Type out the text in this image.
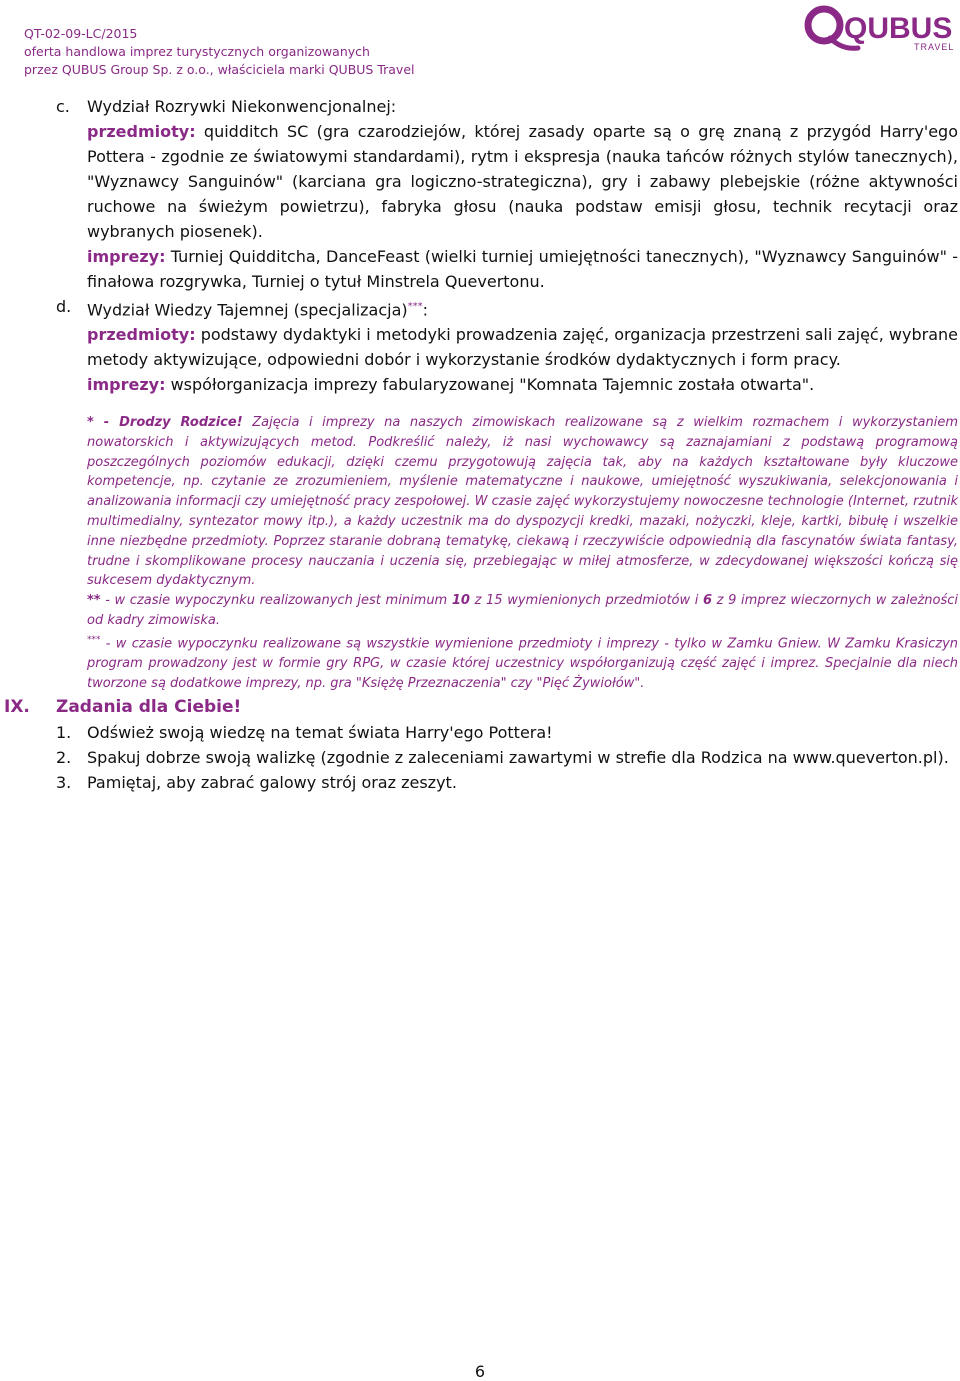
QT-02-09-LC/2015
oferta handlowa imprez turystycznych organizowanych
przez QUBUS Group Sp. z o.o., właściciela marki QUBUS Travel
QUBUS
TRAVEL
c. Wydział Rozrywki Niekonwencjonalnej:
przedmioty: quidditch SC (gra czarodziejów, której zasady oparte są o grę znaną z przygód Harry'ego Pottera - zgodnie ze światowymi standardami), rytm i ekspresja (nauka tańców różnych stylów tanecznych), "Wyznawcy Sanguinów" (karciana gra logiczno-strategiczna), gry i zabawy plebejskie (różne aktywności ruchowe na świeżym powietrzu), fabryka głosu (nauka podstaw emisji głosu, technik recytacji oraz wybranych piosenek).
imprezy: Turniej Quidditcha, DanceFeast (wielki turniej umiejętności tanecznych), "Wyznawcy Sanguinów" - finałowa rozgrywka, Turniej o tytuł Minstrela Quevertonu.
d. Wydział Wiedzy Tajemnej (specjalizacja)***:
przedmioty: podstawy dydaktyki i metodyki prowadzenia zajęć, organizacja przestrzeni sali zajęć, wybrane metody aktywizujące, odpowiedni dobór i wykorzystanie środków dydaktycznych i form pracy.
imprezy: współorganizacja imprezy fabularyzowanej "Komnata Tajemnic została otwarta".
* - Drodzy Rodzice! Zajęcia i imprezy na naszych zimowiskach realizowane są z wielkim rozmachem i wykorzystaniem nowatorskich i aktywizujących metod. Podkreślić należy, iż nasi wychowawcy są zaznajamiani z podstawą programową poszczególnych poziomów edukacji, dzięki czemu przygotowują zajęcia tak, aby na każdych kształtowane były kluczowe kompetencje, np. czytanie ze zrozumieniem, myślenie matematyczne i naukowe, umiejętność wyszukiwania, selekcjonowania i analizowania informacji czy umiejętność pracy zespołowej. W czasie zajęć wykorzystujemy nowoczesne technologie (Internet, rzutnik multimedialny, syntezator mowy itp.), a każdy uczestnik ma do dyspozycji kredki, mazaki, nożyczki, kleje, kartki, bibułę i wszelkie inne niezbędne przedmioty. Poprzez staranie dobraną tematykę, ciekawą i rzeczywiście odpowiednią dla fascynatów świata fantasy, trudne i skomplikowane procesy nauczania i uczenia się, przebiegając w miłej atmosferze, w zdecydowanej większości kończą się sukcesem dydaktycznym.
** - w czasie wypoczynku realizowanych jest minimum 10 z 15 wymienionych przedmiotów i 6 z 9 imprez wieczornych w zależności od kadry zimowiska.
*** - w czasie wypoczynku realizowane są wszystkie wymienione przedmioty i imprezy - tylko w Zamku Gniew. W Zamku Krasiczyn program prowadzony jest w formie gry RPG, w czasie której uczestnicy współorganizują część zajęć i imprez. Specjalnie dla niech tworzone są dodatkowe imprezy, np. gra "Księżę Przeznaczenia" czy "Pięć Żywiołów".
IX. Zadania dla Ciebie!
1. Odśwież swoją wiedzę na temat świata Harry'ego Pottera!
2. Spakuj dobrze swoją walizkę (zgodnie z zaleceniami zawartymi w strefie dla Rodzica na www.queverton.pl).
3. Pamiętaj, aby zabrać galowy strój oraz zeszyt.
6
